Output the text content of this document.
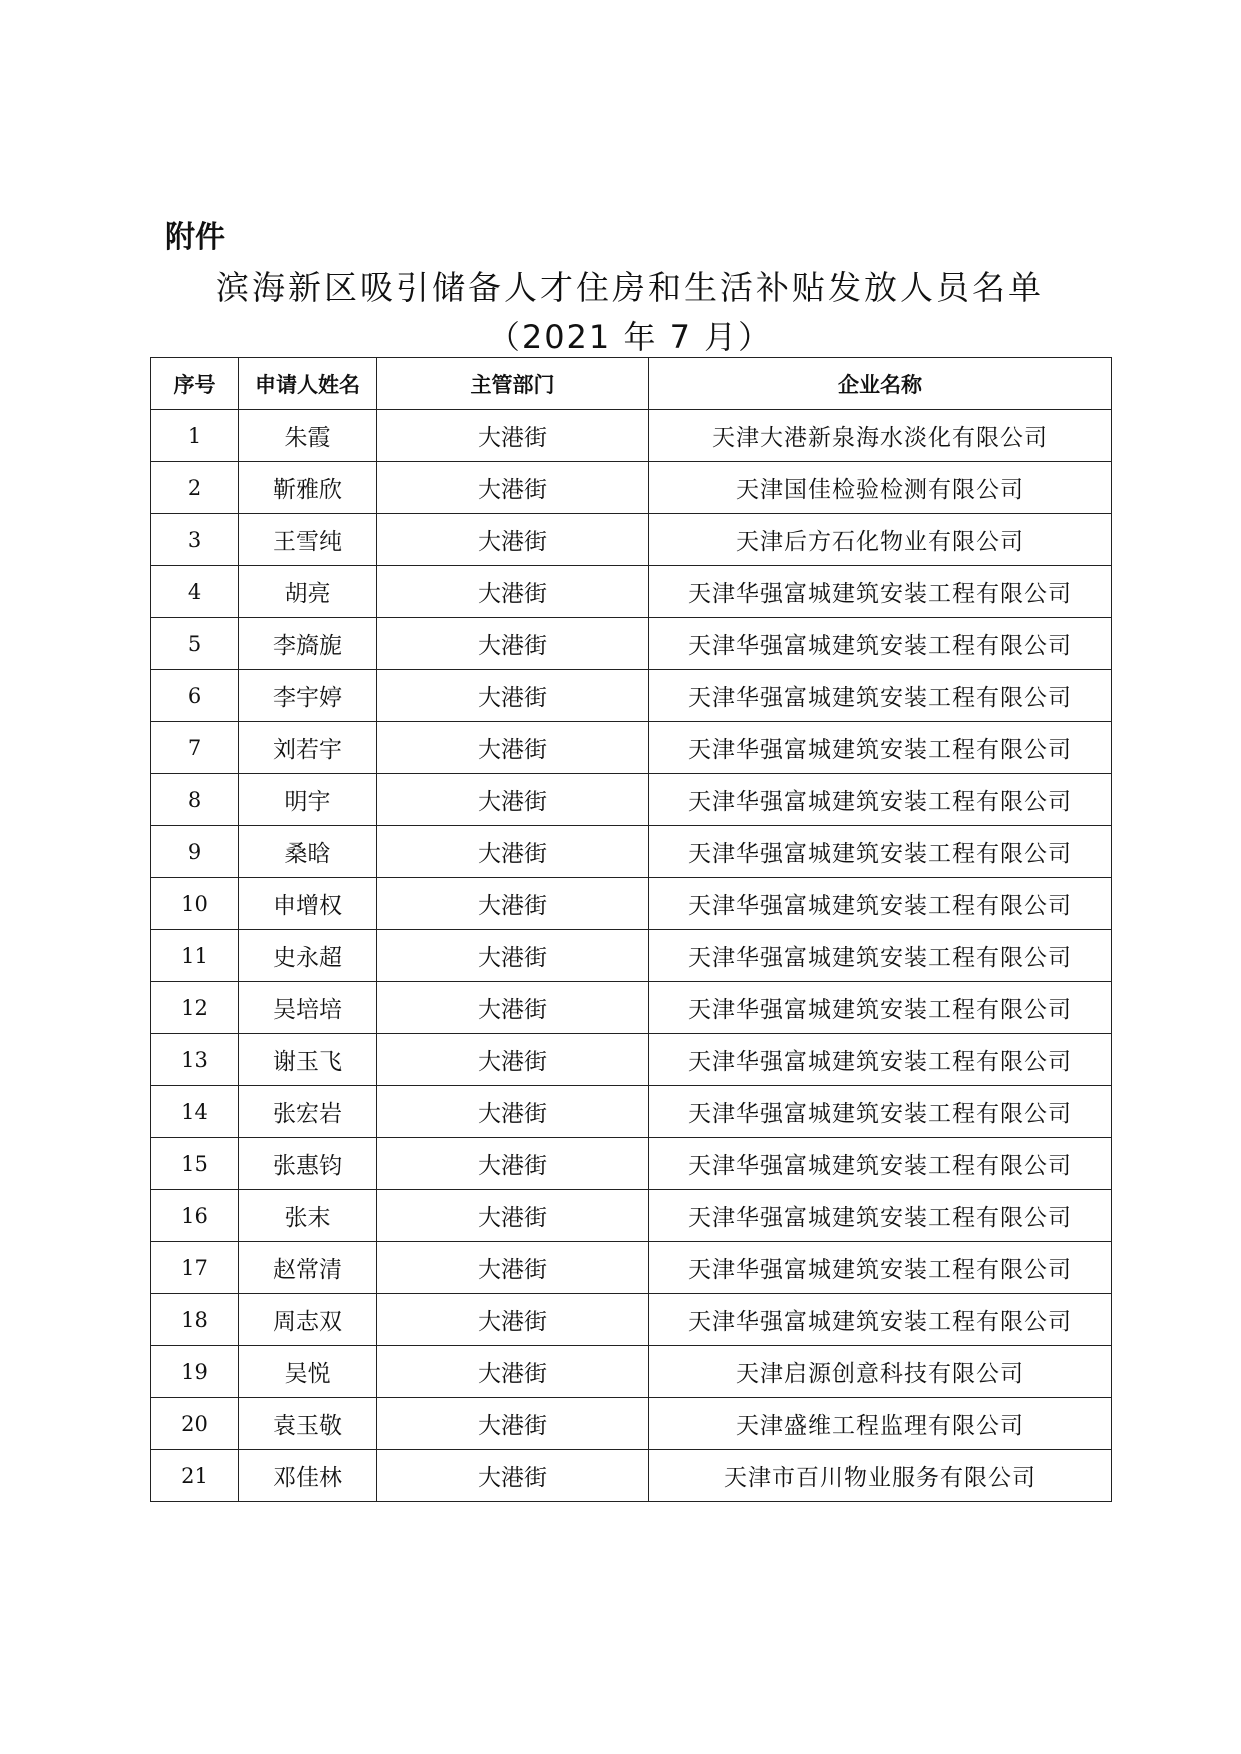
附件

滨海新区吸引储备人才住房和生活补贴发放人员名单

（2021 年 7 月）

序号	申请人姓名	主管部门	企业名称
1	朱霞	大港街	天津大港新泉海水淡化有限公司
2	靳雅欣	大港街	天津国佳检验检测有限公司
3	王雪纯	大港街	天津后方石化物业有限公司
4	胡亮	大港街	天津华强富城建筑安装工程有限公司
5	李旖旎	大港街	天津华强富城建筑安装工程有限公司
6	李宇婷	大港街	天津华强富城建筑安装工程有限公司
7	刘若宇	大港街	天津华强富城建筑安装工程有限公司
8	明宇	大港街	天津华强富城建筑安装工程有限公司
9	桑晗	大港街	天津华强富城建筑安装工程有限公司
10	申增权	大港街	天津华强富城建筑安装工程有限公司
11	史永超	大港街	天津华强富城建筑安装工程有限公司
12	吴培培	大港街	天津华强富城建筑安装工程有限公司
13	谢玉飞	大港街	天津华强富城建筑安装工程有限公司
14	张宏岩	大港街	天津华强富城建筑安装工程有限公司
15	张惠钧	大港街	天津华强富城建筑安装工程有限公司
16	张末	大港街	天津华强富城建筑安装工程有限公司
17	赵常清	大港街	天津华强富城建筑安装工程有限公司
18	周志双	大港街	天津华强富城建筑安装工程有限公司
19	吴悦	大港街	天津启源创意科技有限公司
20	袁玉敬	大港街	天津盛维工程监理有限公司
21	邓佳林	大港街	天津市百川物业服务有限公司
